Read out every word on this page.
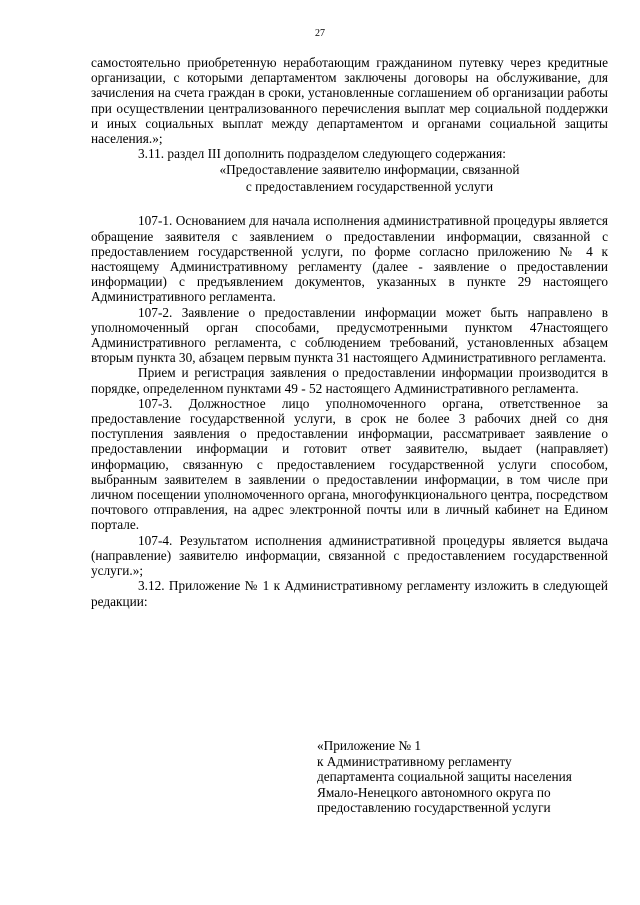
27

самостоятельно приобретенную неработающим гражданином путевку через кредитные организации, с которыми департаментом заключены договоры на обслуживание, для зачисления на счета граждан в сроки, установленные соглашением об организации работы при осуществлении централизованного перечисления выплат мер социальной поддержки и иных социальных выплат между департаментом и органами социальной защиты населения.»;

3.11. раздел III дополнить подразделом следующего содержания:

«Предоставление заявителю информации, связанной

с предоставлением государственной услуги

107-1. Основанием для начала исполнения административной процедуры является обращение заявителя с заявлением о предоставлении информации, связанной с предоставлением государственной услуги, по форме согласно приложению № 4 к настоящему Административному регламенту (далее - заявление о предоставлении информации) с предъявлением документов, указанных в пункте 29 настоящего Административного регламента.

107-2. Заявление о предоставлении информации может быть направлено в уполномоченный орган способами, предусмотренными пунктом 47настоящего Административного регламента, с соблюдением требований, установленных абзацем вторым пункта 30, абзацем первым пункта 31 настоящего Административного регламента.

Прием и регистрация заявления о предоставлении информации производится в порядке, определенном пунктами 49 - 52 настоящего Административного регламента.

107-3. Должностное лицо уполномоченного органа, ответственное за предоставление государственной услуги, в срок не более 3 рабочих дней со дня поступления заявления о предоставлении информации, рассматривает заявление о предоставлении информации и готовит ответ заявителю, выдает (направляет) информацию, связанную с предоставлением государственной услуги способом, выбранным заявителем в заявлении о предоставлении информации, в том числе при личном посещении уполномоченного органа, многофункционального центра, посредством почтового отправления, на адрес электронной почты или в личный кабинет на Едином портале.

107-4. Результатом исполнения административной процедуры является выдача (направление) заявителю информации, связанной с предоставлением государственной услуги.»;

3.12. Приложение № 1 к Административному регламенту изложить в следующей редакции:

«Приложение № 1
к Административному регламенту
департамента социальной защиты населения
Ямало-Ненецкого автономного округа по
предоставлению государственной услуги
